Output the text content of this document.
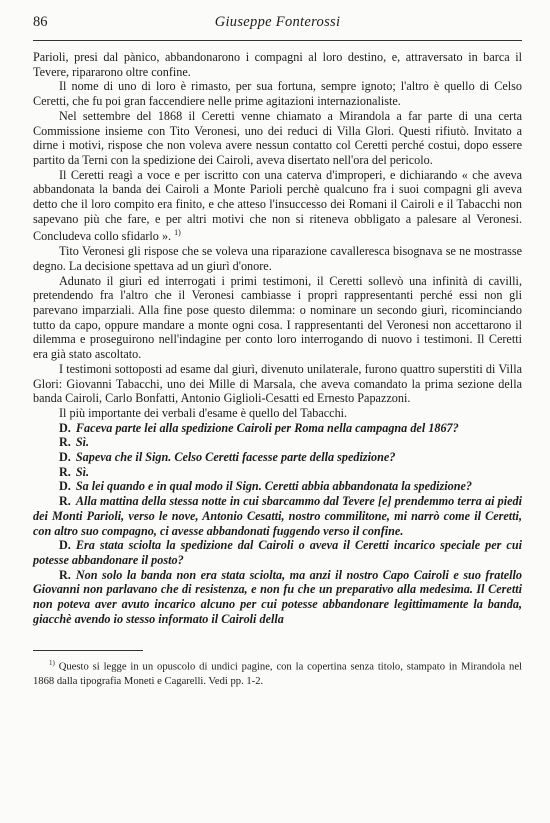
86	Giuseppe Fonterossi

Parioli, presi dal pànico, abbandonarono i compagni al loro destino, e, attraversato in barca il Tevere, ripararono oltre confine.

Il nome di uno di loro è rimasto, per sua fortuna, sempre ignoto; l'altro è quello di Celso Ceretti, che fu poi gran faccendiere nelle prime agitazioni internazionaliste.

Nel settembre del 1868 il Ceretti venne chiamato a Mirandola a far parte di una certa Commissione insieme con Tito Veronesi, uno dei reduci di Villa Glori. Questi rifiutò. Invitato a dirne i motivi, rispose che non voleva avere nessun contatto col Ceretti perché costui, dopo essere partito da Terni con la spedizione dei Cairoli, aveva disertato nell'ora del pericolo.

Il Ceretti reagì a voce e per iscritto con una caterva d'improperi, e dichiarando « che aveva abbandonata la banda dei Cairoli a Monte Parioli perchè qualcuno fra i suoi compagni gli aveva detto che il loro compito era finito, e che atteso l'insuccesso dei Romani il Cairoli e il Tabacchi non sapevano più che fare, e per altri motivi che non si riteneva obbligato a palesare al Veronesi. Concludeva collo sfidarlo ». $^{1)}$

Tito Veronesi gli rispose che se voleva una riparazione cavalleresca bisognava se ne mostrasse degno. La decisione spettava ad un giurì d'onore.

Adunato il giurì ed interrogati i primi testimoni, il Ceretti sollevò una infinità di cavilli, pretendendo fra l'altro che il Veronesi cambiasse i propri rappresentanti perché essi non gli parevano imparziali. Alla fine pose questo dilemma: o nominare un secondo giurì, ricominciando tutto da capo, oppure mandare a monte ogni cosa. I rappresentanti del Veronesi non accettarono il dilemma e proseguirono nell'indagine per conto loro interrogando di nuovo i testimoni. Il Ceretti era già stato ascoltato.

I testimoni sottoposti ad esame dal giurì, divenuto unilaterale, furono quattro superstiti di Villa Glori: Giovanni Tabacchi, uno dei Mille di Marsala, che aveva comandato la prima sezione della banda Cairoli, Carlo Bonfatti, Antonio Giglioli-Cesatti ed Ernesto Papazzoni.

Il più importante dei verbali d'esame è quello del Tabacchi.

D. Faceva parte lei alla spedizione Cairoli per Roma nella campagna del 1867?

R. Sì.

D. Sapeva che il Sign. Celso Ceretti facesse parte della spedizione?

R. Sì.

D. Sa lei quando e in qual modo il Sign. Ceretti abbia abbandonata la spedizione?

R. Alla mattina della stessa notte in cui sbarcammo dal Tevere [e] prendemmo terra ai piedi dei Monti Parioli, verso le nove, Antonio Cesatti, nostro commilitone, mi narrò come il Ceretti, con altro suo compagno, ci avesse abbandonati fuggendo verso il confine.

D. Era stata sciolta la spedizione dal Cairoli o aveva il Ceretti incarico speciale per cui potesse abbandonare il posto?

R. Non solo la banda non era stata sciolta, ma anzi il nostro Capo Cairoli e suo fratello Giovanni non parlavano che di resistenza, e non fu che un preparativo alla medesima. Il Ceretti non poteva aver avuto incarico alcuno per cui potesse abbandonare legittimamente la banda, giacchè avendo io stesso informato il Cairoli della

$^{1)}$ Questo si legge in un opuscolo di undici pagine, con la copertina senza titolo, stampato in Mirandola nel 1868 dalla tipografia Moneti e Cagarelli. Vedi pp. 1-2.
